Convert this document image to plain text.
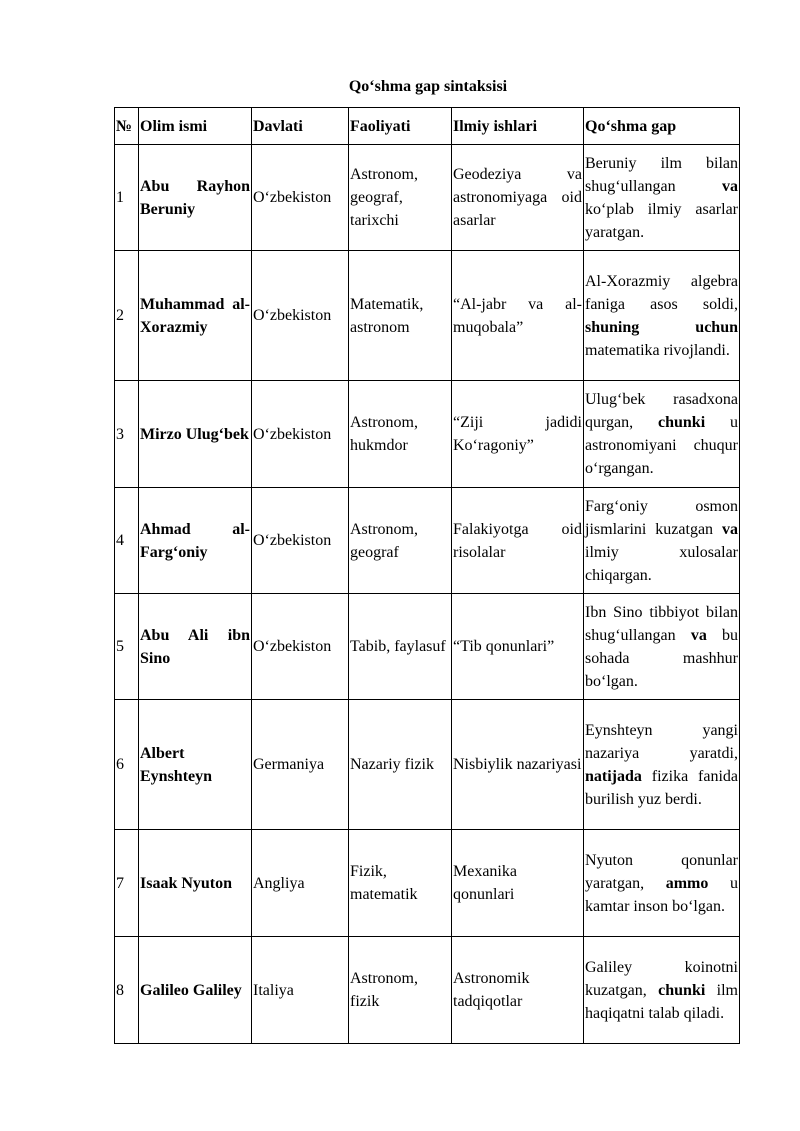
Qo‘shma gap sintaksisi
№	Olim ismi	Davlati	Faoliyati	Ilmiy ishlari	Qo‘shma gap
1	Abu Rayhon Beruniy	O‘zbekiston	Astronom, geograf, tarixchi	Geodeziya va astronomiyaga oid asarlar	Beruniy ilm bilan shug‘ullangan va ko‘plab ilmiy asarlar yaratgan.
2	Muhammad al-Xorazmiy	O‘zbekiston	Matematik, astronom	“Al-jabr va al-muqobala”	Al-Xorazmiy algebra faniga asos soldi, shuning uchun matematika rivojlandi.
3	Mirzo Ulug‘bek	O‘zbekiston	Astronom, hukmdor	“Ziji jadidi Ko‘ragoniy”	Ulug‘bek rasadxona qurgan, chunki u astronomiyani chuqur o‘rgangan.
4	Ahmad al-Farg‘oniy	O‘zbekiston	Astronom, geograf	Falakiyotga oid risolalar	Farg‘oniy osmon jismlarini kuzatgan va ilmiy xulosalar chiqargan.
5	Abu Ali ibn Sino	O‘zbekiston	Tabib, faylasuf	“Tib qonunlari”	Ibn Sino tibbiyot bilan shug‘ullangan va bu sohada mashhur bo‘lgan.
6	Albert Eynshteyn	Germaniya	Nazariy fizik	Nisbiylik nazariyasi	Eynshteyn yangi nazariya yaratdi, natijada fizika fanida burilish yuz berdi.
7	Isaak Nyuton	Angliya	Fizik, matematik	Mexanika qonunlari	Nyuton qonunlar yaratgan, ammo u kamtar inson bo‘lgan.
8	Galileo Galiley	Italiya	Astronom, fizik	Astronomik tadqiqotlar	Galiley koinotni kuzatgan, chunki ilm haqiqatni talab qiladi.
